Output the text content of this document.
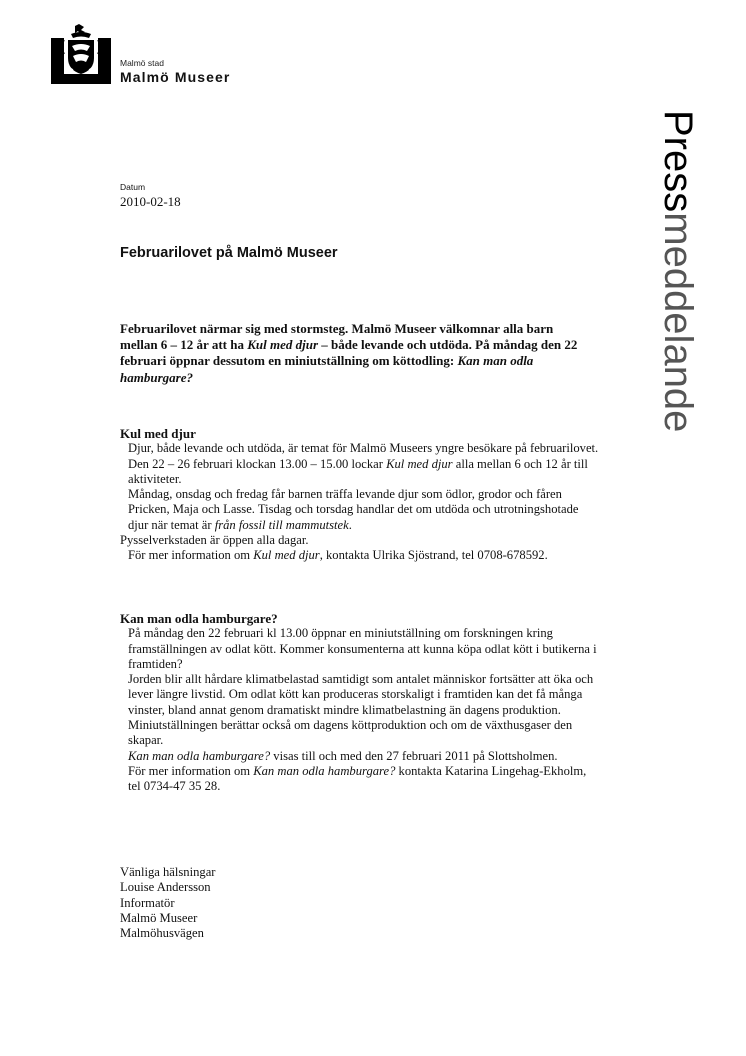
Malmö stad
Malmö Museer
Pressmeddelande
Datum
2010-02-18
Februarilovet på Malmö Museer
Februarilovet närmar sig med stormsteg. Malmö Museer välkomnar alla barn mellan 6 – 12 år att ha Kul med djur – både levande och utdöda. På måndag den 22 februari öppnar dessutom en miniutställning om köttodling: Kan man odla hamburgare?
Kul med djur

Djur, både levande och utdöda, är temat för Malmö Museers yngre besökare på februarilovet. Den 22 – 26 februari klockan 13.00 – 15.00 lockar Kul med djur alla mellan 6 och 12 år till aktiviteter.

Måndag, onsdag och fredag får barnen träffa levande djur som ödlor, grodor och fåren Pricken, Maja och Lasse. Tisdag och torsdag handlar det om utdöda och utrotningshotade djur när temat är från fossil till mammutstek.

Pysselverkstaden är öppen alla dagar.

För mer information om Kul med djur, kontakta Ulrika Sjöstrand, tel 0708-678592.

Kan man odla hamburgare?

På måndag den 22 februari kl 13.00 öppnar en miniutställning om forskningen kring framställningen av odlat kött. Kommer konsumenterna att kunna köpa odlat kött i butikerna i framtiden?

Jorden blir allt hårdare klimatbelastad samtidigt som antalet människor fortsätter att öka och lever längre livstid. Om odlat kött kan produceras storskaligt i framtiden kan det få många vinster, bland annat genom dramatiskt mindre klimatbelastning än dagens produktion. Miniutställningen berättar också om dagens köttproduktion och om de växthusgaser den skapar.

Kan man odla hamburgare? visas till och med den 27 februari 2011 på Slottsholmen.

För mer information om Kan man odla hamburgare? kontakta Katarina Lingehag-Ekholm, tel 0734-47 35 28.

Vänliga hälsningar
Louise Andersson
Informatör
Malmö Museer
Malmöhusvägen
